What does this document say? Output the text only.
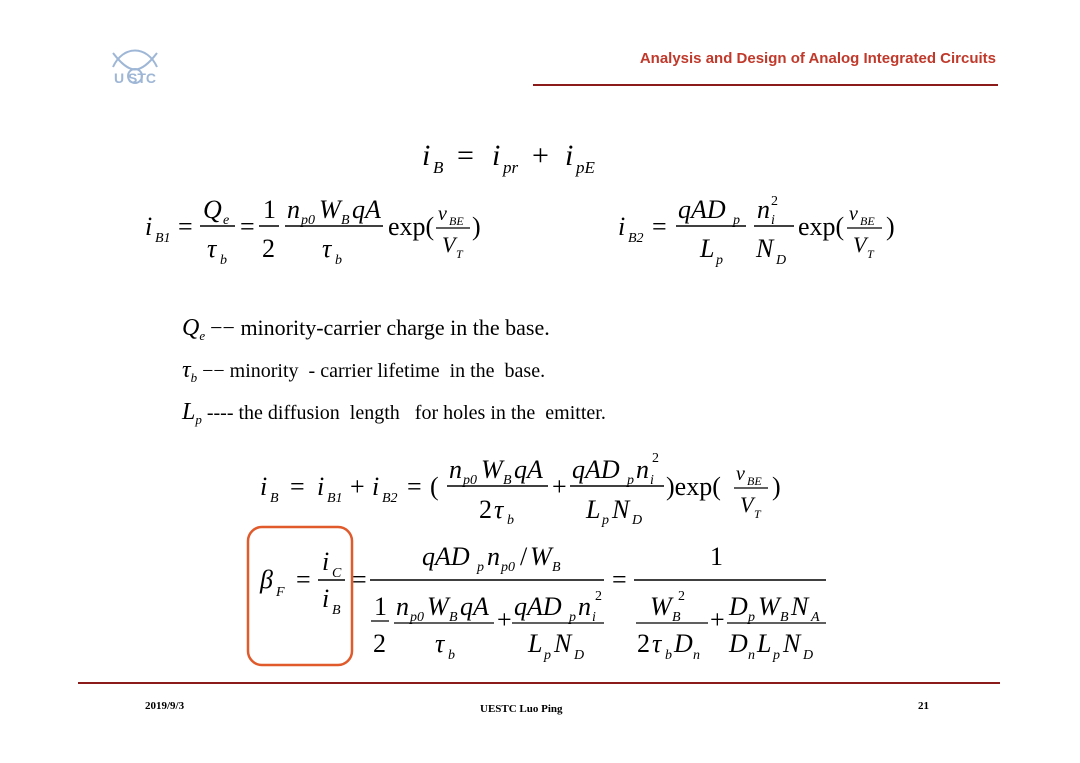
U STC
Analysis and Design of Analog Integrated Circuits
i B = i pr + i pE
i B1 =
Q e
τ b
=
1
2
n p0 W B qA
τ b
exp( v BE
V T
)	i B2 =
qAD p
L p
n i
2
N D
exp( v BE
V T
)
i B = i B1 + i B2 = (
n p0 W B qA
2 τ b
+
qAD p n i
2
L p N D
)exp( v BE
V T
)
β F =
i C
i B
=
qAD p n p0 / W B
1
2
n p0 W B qA
τ b
+ qAD p n i
2
L p N D
=
1
W B
2
2 τ b D n
+ D p W B N A
D n L p N D

$Q_e$ −− minority-carrier charge in the base.

$\tau_b$ −− minority  - carrier lifetime  in the  base.

$L_p$ ---- the diffusion  length   for holes in the  emitter.

2019/9/3	UESTC Luo Ping	21
